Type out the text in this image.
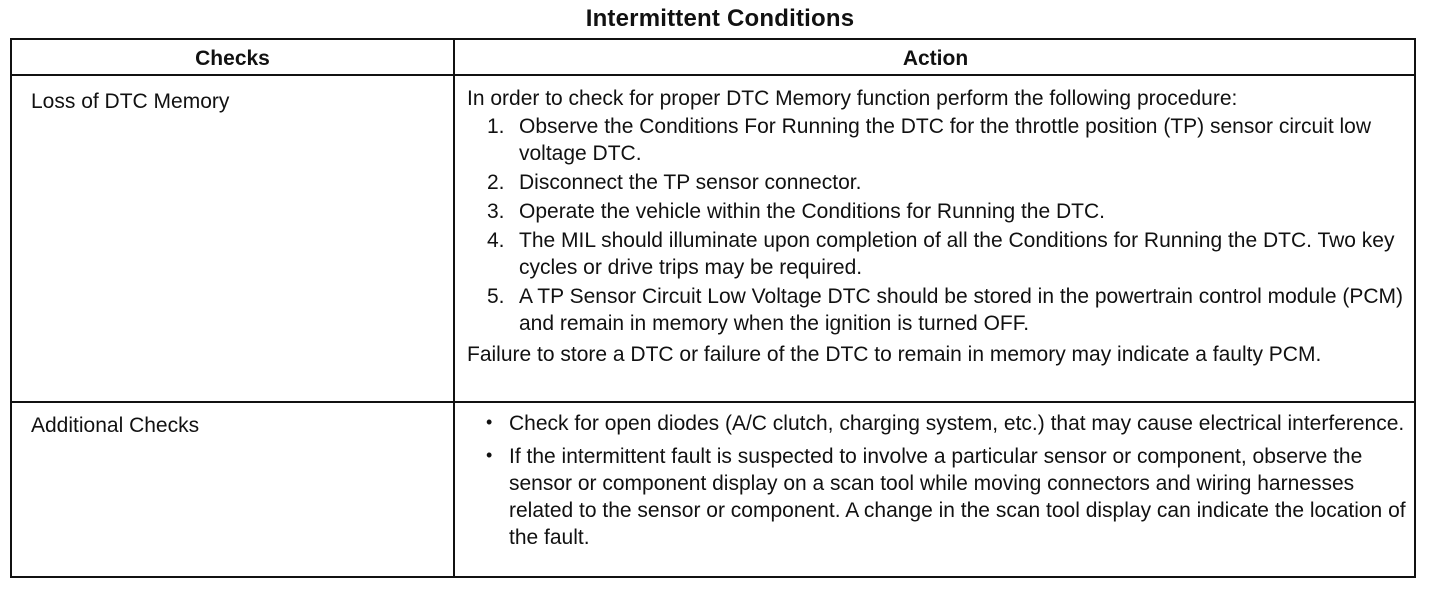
Intermittent Conditions
Checks	Action
Loss of DTC Memory	In order to check for proper DTC Memory function perform the following procedure:
1. Observe the Conditions For Running the DTC for the throttle position (TP) sensor circuit low voltage DTC.
2. Disconnect the TP sensor connector.
3. Operate the vehicle within the Conditions for Running the DTC.
4. The MIL should illuminate upon completion of all the Conditions for Running the DTC. Two key cycles or drive trips may be required.
5. A TP Sensor Circuit Low Voltage DTC should be stored in the powertrain control module (PCM) and remain in memory when the ignition is turned OFF.
Failure to store a DTC or failure of the DTC to remain in memory may indicate a faulty PCM.
Additional Checks	• Check for open diodes (A/C clutch, charging system, etc.) that may cause electrical interference.
• If the intermittent fault is suspected to involve a particular sensor or component, observe the sensor or component display on a scan tool while moving connectors and wiring harnesses related to the sensor or component. A change in the scan tool display can indicate the location of the fault.
